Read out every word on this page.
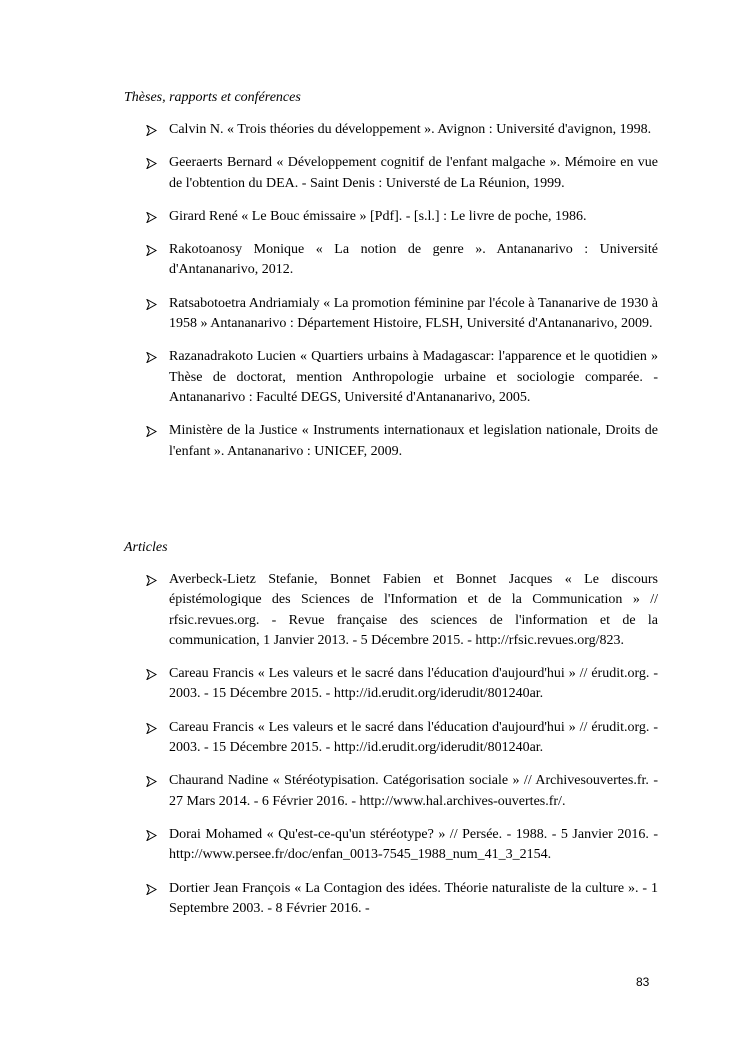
Thèses, rapports et conférences
Calvin N. « Trois théories du développement ». Avignon : Université d'avignon, 1998.
Geeraerts Bernard « Développement cognitif de l'enfant malgache ». Mémoire en vue de l'obtention du DEA. - Saint Denis : Universté de La Réunion, 1999.
Girard René « Le Bouc émissaire » [Pdf]. - [s.l.] : Le livre de poche, 1986.
Rakotoanosy Monique « La notion de genre ». Antananarivo : Université d'Antananarivo, 2012.
Ratsabotoetra Andriamialy « La promotion féminine par l'école à Tananarive de 1930 à 1958 » Antananarivo : Département Histoire, FLSH, Université d'Antananarivo, 2009.
Razanadrakoto Lucien « Quartiers urbains à Madagascar: l'apparence et le quotidien » Thèse de doctorat, mention Anthropologie urbaine et sociologie comparée. - Antananarivo : Faculté DEGS, Université d'Antananarivo, 2005.
Ministère de la Justice « Instruments internationaux et legislation nationale, Droits de l'enfant ». Antananarivo : UNICEF, 2009.
Articles
Averbeck-Lietz Stefanie, Bonnet Fabien et Bonnet Jacques « Le discours épistémologique des Sciences de l'Information et de la Communication » // rfsic.revues.org. - Revue française des sciences de l'information et de la communication, 1 Janvier 2013. - 5 Décembre 2015. - http://rfsic.revues.org/823.
Careau Francis « Les valeurs et le sacré dans l'éducation d'aujourd'hui » // érudit.org. - 2003. - 15 Décembre 2015. - http://id.erudit.org/iderudit/801240ar.
Careau Francis « Les valeurs et le sacré dans l'éducation d'aujourd'hui » // érudit.org. - 2003. - 15 Décembre 2015. - http://id.erudit.org/iderudit/801240ar.
Chaurand Nadine « Stéréotypisation. Catégorisation sociale » // Archivesouvertes.fr. - 27 Mars 2014. - 6 Février 2016. - http://www.hal.archives-ouvertes.fr/.
Dorai Mohamed « Qu'est-ce-qu'un stéréotype? » // Persée. - 1988. - 5 Janvier 2016. - http://www.persee.fr/doc/enfan_0013-7545_1988_num_41_3_2154.
Dortier Jean François « La Contagion des idées. Théorie naturaliste de la culture ». - 1 Septembre 2003. - 8 Février 2016. -
83
